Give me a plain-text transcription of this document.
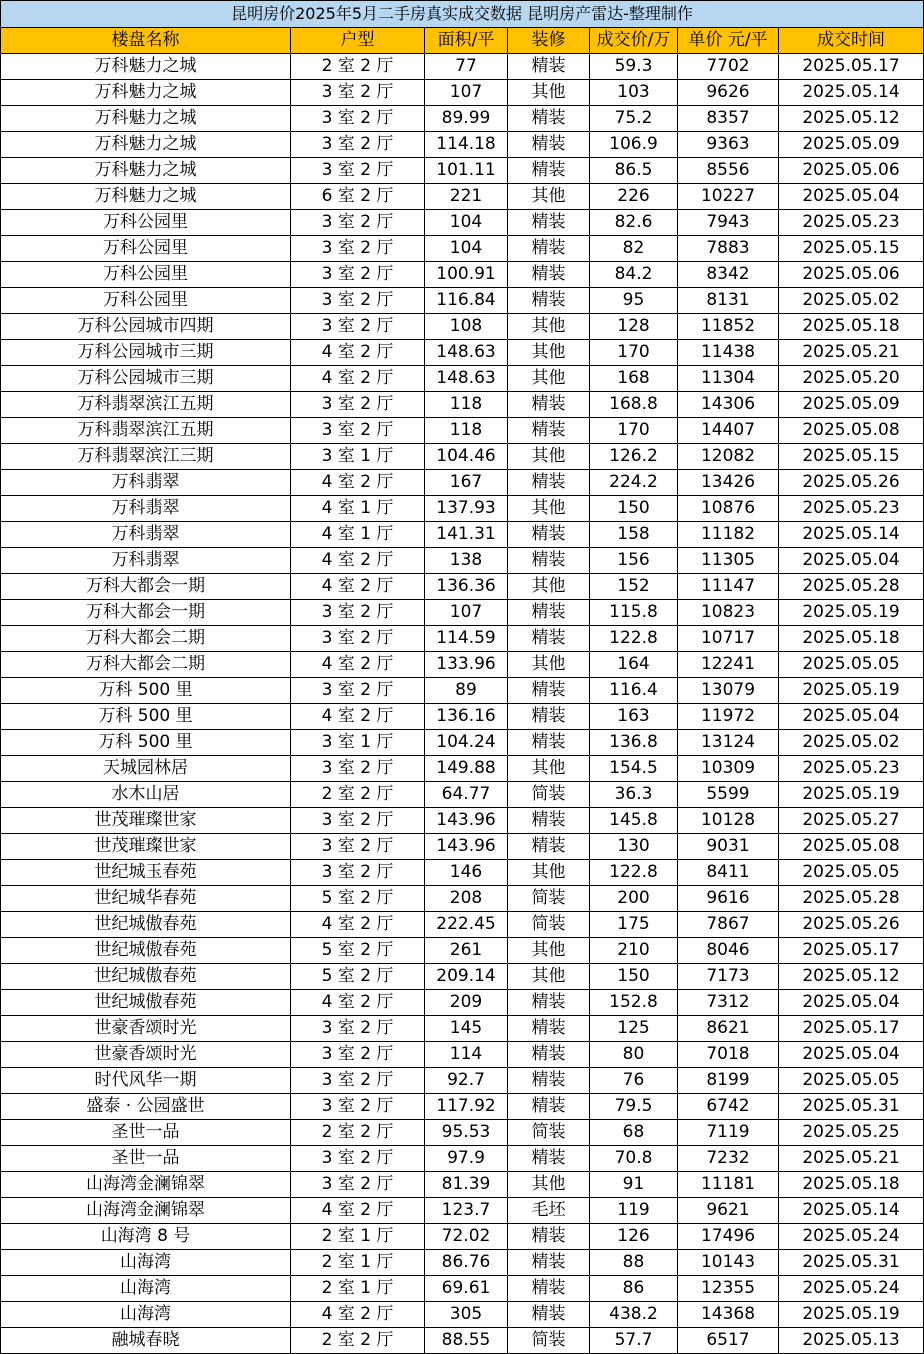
昆明房价2025年5月二手房真实成交数据 昆明房产雷达-整理制作						
楼盘名称	户型	面积/平	装修	成交价/万	单价 元/平	成交时间
万科魅力之城	2 室 2 厅	77	精装	59.3	7702	2025.05.17
万科魅力之城	3 室 2 厅	107	其他	103	9626	2025.05.14
万科魅力之城	3 室 2 厅	89.99	精装	75.2	8357	2025.05.12
万科魅力之城	3 室 2 厅	114.18	精装	106.9	9363	2025.05.09
万科魅力之城	3 室 2 厅	101.11	精装	86.5	8556	2025.05.06
万科魅力之城	6 室 2 厅	221	其他	226	10227	2025.05.04
万科公园里	3 室 2 厅	104	精装	82.6	7943	2025.05.23
万科公园里	3 室 2 厅	104	精装	82	7883	2025.05.15
万科公园里	3 室 2 厅	100.91	精装	84.2	8342	2025.05.06
万科公园里	3 室 2 厅	116.84	精装	95	8131	2025.05.02
万科公园城市四期	3 室 2 厅	108	其他	128	11852	2025.05.18
万科公园城市三期	4 室 2 厅	148.63	其他	170	11438	2025.05.21
万科公园城市三期	4 室 2 厅	148.63	其他	168	11304	2025.05.20
万科翡翠滨江五期	3 室 2 厅	118	精装	168.8	14306	2025.05.09
万科翡翠滨江五期	3 室 2 厅	118	精装	170	14407	2025.05.08
万科翡翠滨江三期	3 室 1 厅	104.46	其他	126.2	12082	2025.05.15
万科翡翠	4 室 2 厅	167	精装	224.2	13426	2025.05.26
万科翡翠	4 室 1 厅	137.93	其他	150	10876	2025.05.23
万科翡翠	4 室 1 厅	141.31	精装	158	11182	2025.05.14
万科翡翠	4 室 2 厅	138	精装	156	11305	2025.05.04
万科大都会一期	4 室 2 厅	136.36	其他	152	11147	2025.05.28
万科大都会一期	3 室 2 厅	107	精装	115.8	10823	2025.05.19
万科大都会二期	3 室 2 厅	114.59	精装	122.8	10717	2025.05.18
万科大都会二期	4 室 2 厅	133.96	其他	164	12241	2025.05.05
万科 500 里	3 室 2 厅	89	精装	116.4	13079	2025.05.19
万科 500 里	4 室 2 厅	136.16	精装	163	11972	2025.05.04
万科 500 里	3 室 1 厅	104.24	精装	136.8	13124	2025.05.02
天城园林居	3 室 2 厅	149.88	其他	154.5	10309	2025.05.23
水木山居	2 室 2 厅	64.77	简装	36.3	5599	2025.05.19
世茂璀璨世家	3 室 2 厅	143.96	精装	145.8	10128	2025.05.27
世茂璀璨世家	3 室 2 厅	143.96	精装	130	9031	2025.05.08
世纪城玉春苑	3 室 2 厅	146	其他	122.8	8411	2025.05.05
世纪城华春苑	5 室 2 厅	208	简装	200	9616	2025.05.28
世纪城傲春苑	4 室 2 厅	222.45	简装	175	7867	2025.05.26
世纪城傲春苑	5 室 2 厅	261	其他	210	8046	2025.05.17
世纪城傲春苑	5 室 2 厅	209.14	其他	150	7173	2025.05.12
世纪城傲春苑	4 室 2 厅	209	精装	152.8	7312	2025.05.04
世豪香颂时光	3 室 2 厅	145	精装	125	8621	2025.05.17
世豪香颂时光	3 室 2 厅	114	精装	80	7018	2025.05.04
时代风华一期	3 室 2 厅	92.7	精装	76	8199	2025.05.05
盛泰 · 公园盛世	3 室 2 厅	117.92	精装	79.5	6742	2025.05.31
圣世一品	2 室 2 厅	95.53	简装	68	7119	2025.05.25
圣世一品	3 室 2 厅	97.9	精装	70.8	7232	2025.05.21
山海湾金澜锦翠	3 室 2 厅	81.39	其他	91	11181	2025.05.18
山海湾金澜锦翠	4 室 2 厅	123.7	毛坯	119	9621	2025.05.14
山海湾 8 号	2 室 1 厅	72.02	精装	126	17496	2025.05.24
山海湾	2 室 1 厅	86.76	精装	88	10143	2025.05.31
山海湾	2 室 1 厅	69.61	精装	86	12355	2025.05.24
山海湾	4 室 2 厅	305	精装	438.2	14368	2025.05.19
融城春晓	2 室 2 厅	88.55	简装	57.7	6517	2025.05.13
